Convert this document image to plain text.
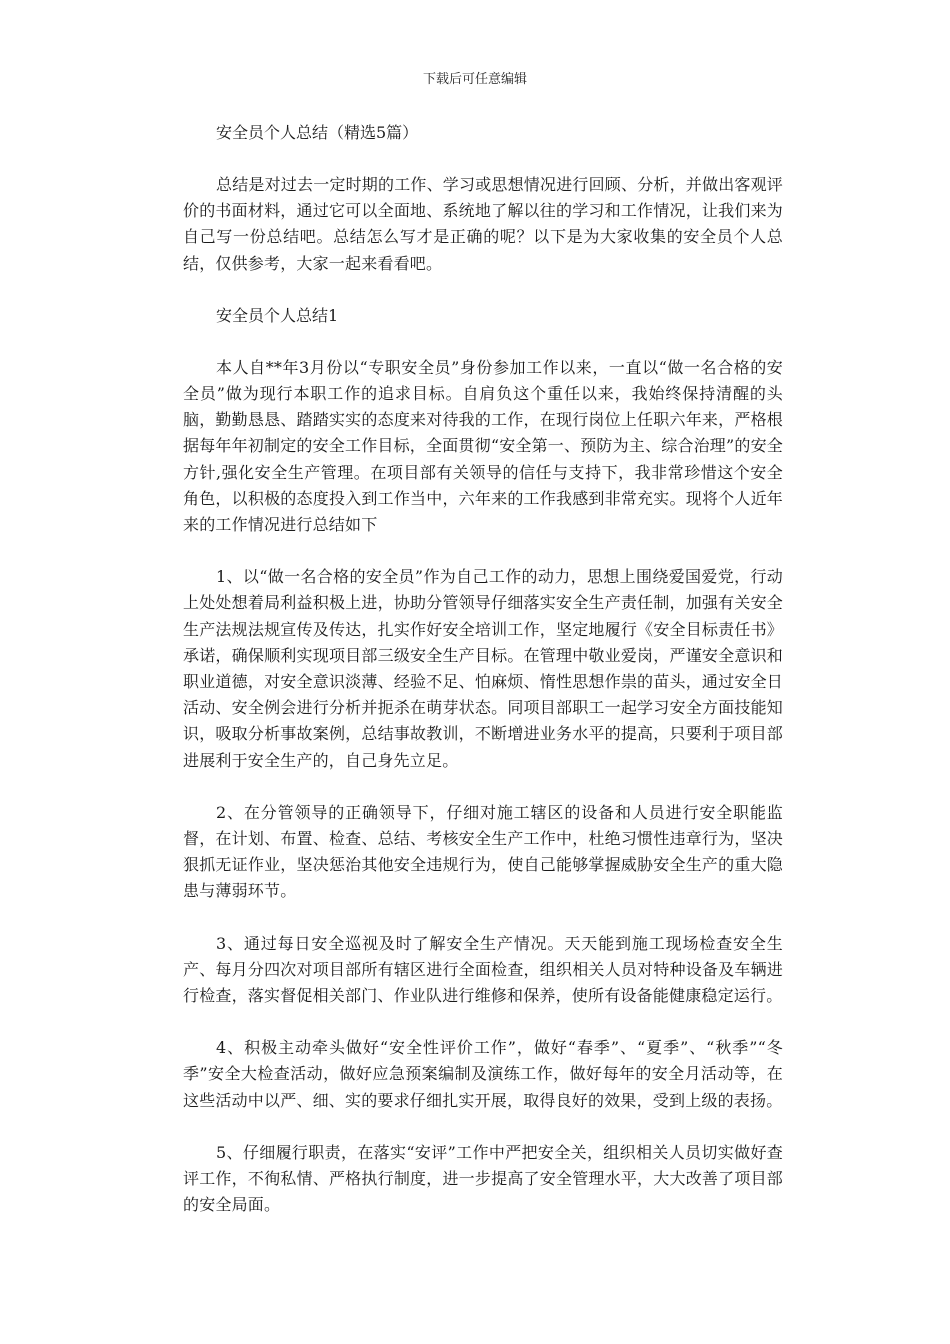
下载后可任意编辑

安全员个人总结（精选5篇）

总结是对过去一定时期的工作、学习或思想情况进行回顾、分析，并做出客观评价的书面材料，通过它可以全面地、系统地了解以往的学习和工作情况，让我们来为自己写一份总结吧。总结怎么写才是正确的呢？以下是为大家收集的安全员个人总结，仅供参考，大家一起来看看吧。

安全员个人总结1

本人自**年3月份以“专职安全员”身份参加工作以来，一直以“做一名合格的安全员”做为现行本职工作的追求目标。自肩负这个重任以来，我始终保持清醒的头脑，勤勤恳恳、踏踏实实的态度来对待我的工作，在现行岗位上任职六年来，严格根据每年年初制定的安全工作目标，全面贯彻“安全第一、预防为主、综合治理”的安全方针,强化安全生产管理。在项目部有关领导的信任与支持下，我非常珍惜这个安全角色，以积极的态度投入到工作当中，六年来的工作我感到非常充实。现将个人近年来的工作情况进行总结如下

1、以“做一名合格的安全员”作为自己工作的动力，思想上围绕爱国爱党，行动上处处想着局利益积极上进，协助分管领导仔细落实安全生产责任制，加强有关安全生产法规法规宣传及传达，扎实作好安全培训工作，坚定地履行《安全目标责任书》承诺，确保顺利实现项目部三级安全生产目标。在管理中敬业爱岗，严谨安全意识和职业道德，对安全意识淡薄、经验不足、怕麻烦、惰性思想作祟的苗头，通过安全日活动、安全例会进行分析并扼杀在萌芽状态。同项目部职工一起学习安全方面技能知识，吸取分析事故案例，总结事故教训，不断增进业务水平的提高，只要利于项目部进展利于安全生产的，自己身先立足。

2、在分管领导的正确领导下，仔细对施工辖区的设备和人员进行安全职能监督，在计划、布置、检查、总结、考核安全生产工作中，杜绝习惯性违章行为，坚决狠抓无证作业，坚决惩治其他安全违规行为，使自己能够掌握威胁安全生产的重大隐患与薄弱环节。

3、通过每日安全巡视及时了解安全生产情况。天天能到施工现场检查安全生产、每月分四次对项目部所有辖区进行全面检查，组织相关人员对特种设备及车辆进行检查，落实督促相关部门、作业队进行维修和保养，使所有设备能健康稳定运行。

4、积极主动牵头做好“安全性评价工作”，做好“春季”、“夏季”、“秋季”“冬季”安全大检查活动，做好应急预案编制及演练工作，做好每年的安全月活动等，在这些活动中以严、细、实的要求仔细扎实开展，取得良好的效果，受到上级的表扬。

5、仔细履行职责，在落实“安评”工作中严把安全关，组织相关人员切实做好查评工作，不徇私情、严格执行制度，进一步提高了安全管理水平，大大改善了项目部的安全局面。
